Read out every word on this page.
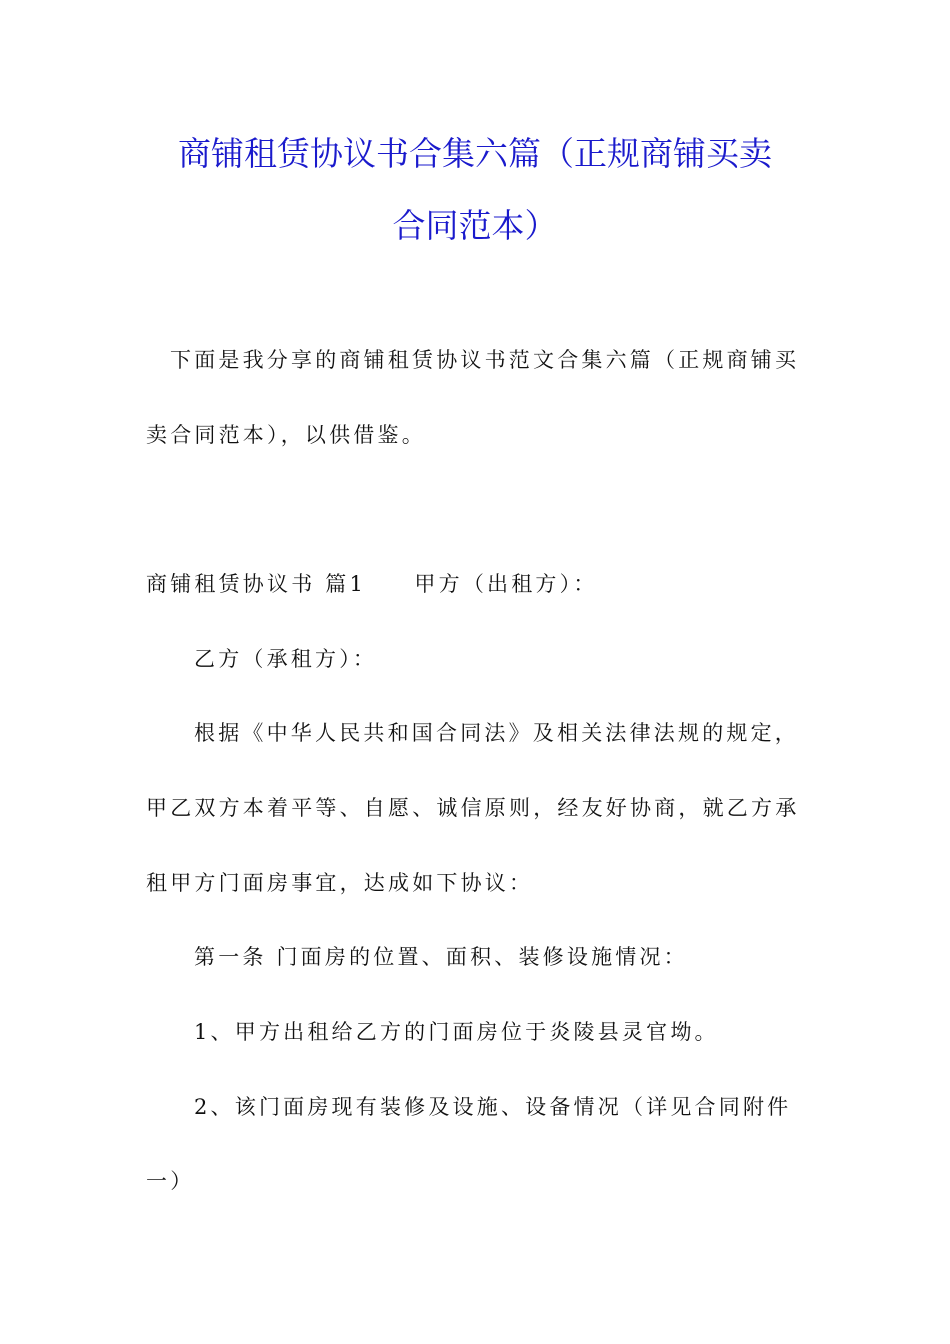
商铺租赁协议书合集六篇（正规商铺买卖
合同范本）
下面是我分享的商铺租赁协议书范文合集六篇（正规商铺买
卖合同范本），以供借鉴。
商铺租赁协议书 篇1　　甲方（出租方）：
乙方（承租方）：
根据《中华人民共和国合同法》及相关法律法规的规定，
甲乙双方本着平等、自愿、诚信原则，经友好协商，就乙方承
租甲方门面房事宜，达成如下协议：
第一条 门面房的位置、面积、装修设施情况：
1、甲方出租给乙方的门面房位于炎陵县灵官坳。
2、该门面房现有装修及设施、设备情况（详见合同附件
一）
